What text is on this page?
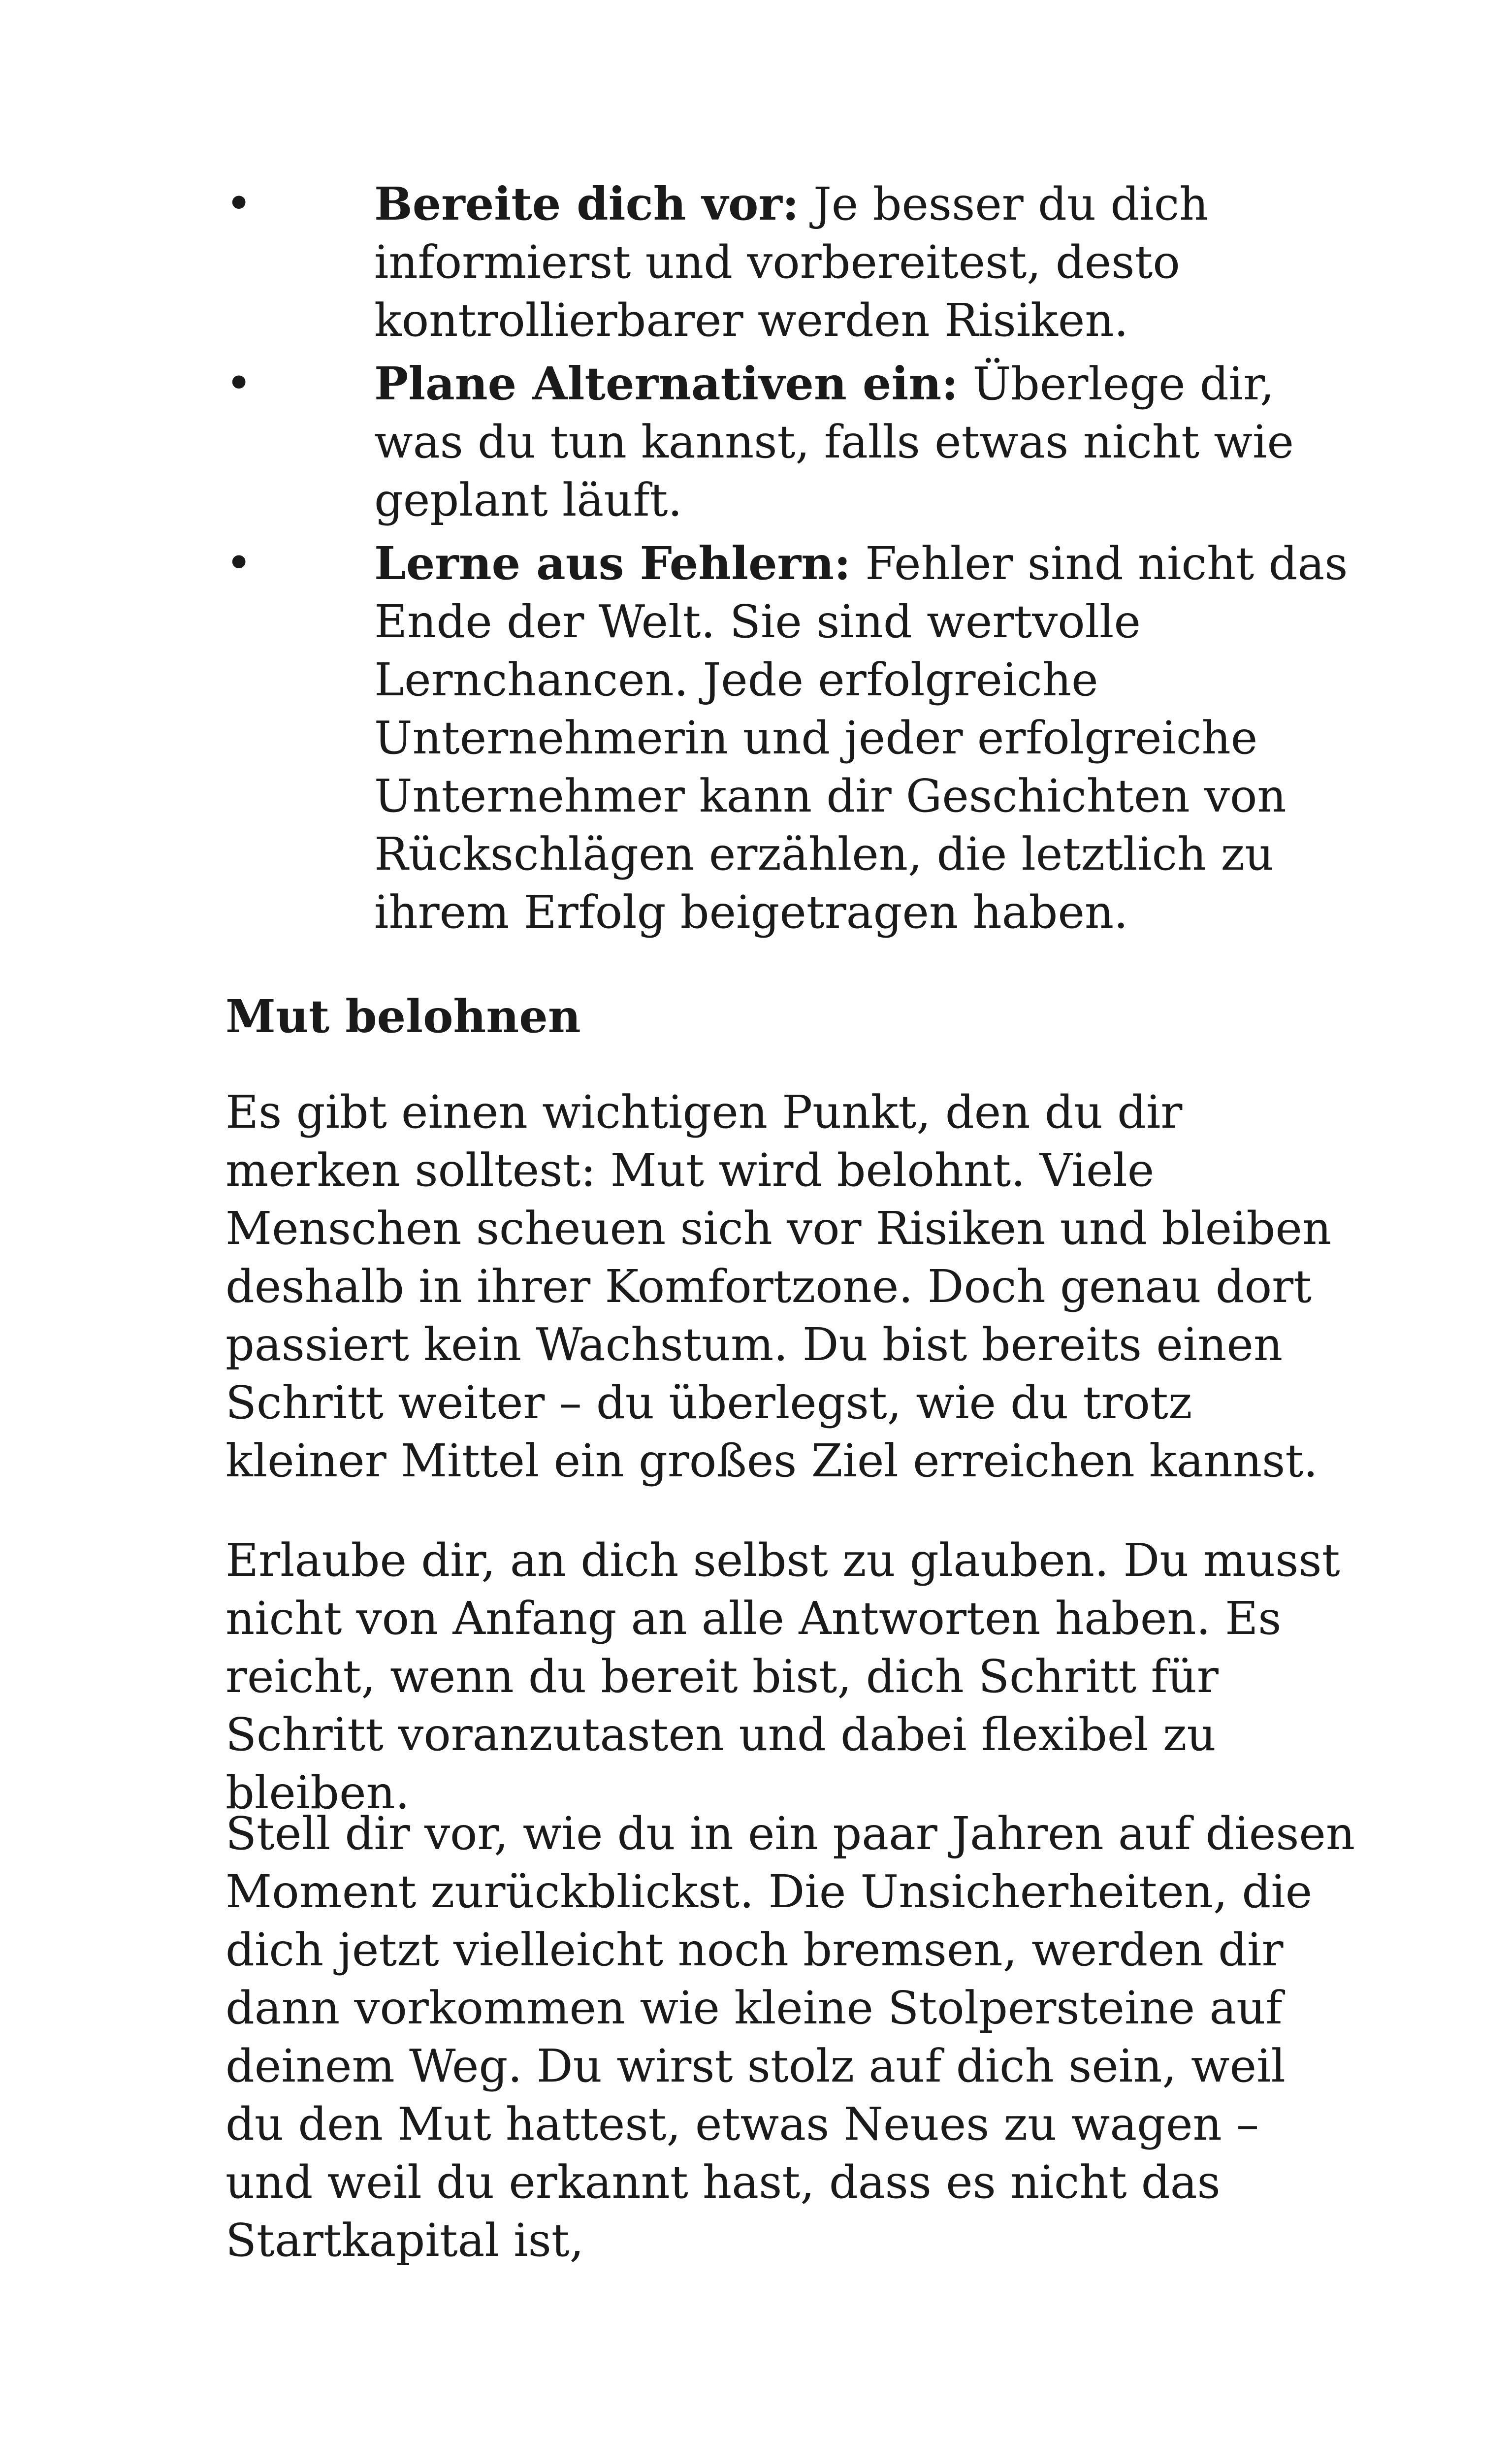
•	Bereite dich vor: Je besser du dich informierst und vorbereitest, desto kontrollierbarer werden Risiken.
•	Plane Alternativen ein: Überlege dir, was du tun kannst, falls etwas nicht wie geplant läuft.
•	Lerne aus Fehlern: Fehler sind nicht das Ende der Welt. Sie sind wertvolle Lernchancen. Jede erfolgreiche Unternehmerin und jeder erfolgreiche Unternehmer kann dir Geschichten von Rückschlägen erzählen, die letztlich zu ihrem Erfolg beigetragen haben.
Mut belohnen

Es gibt einen wichtigen Punkt, den du dir merken solltest: Mut wird belohnt. Viele Menschen scheuen sich vor Risiken und bleiben deshalb in ihrer Komfortzone. Doch genau dort passiert kein Wachstum. Du bist bereits einen Schritt weiter – du überlegst, wie du trotz kleiner Mittel ein großes Ziel erreichen kannst.

Erlaube dir, an dich selbst zu glauben. Du musst nicht von Anfang an alle Antworten haben. Es reicht, wenn du bereit bist, dich Schritt für Schritt voranzutasten und dabei flexibel zu bleiben.

Stell dir vor, wie du in ein paar Jahren auf diesen Moment zurückblickst. Die Unsicherheiten, die dich jetzt vielleicht noch bremsen, werden dir dann vorkommen wie kleine Stolpersteine auf deinem Weg. Du wirst stolz auf dich sein, weil du den Mut hattest, etwas Neues zu wagen – und weil du erkannt hast, dass es nicht das Startkapital ist,
